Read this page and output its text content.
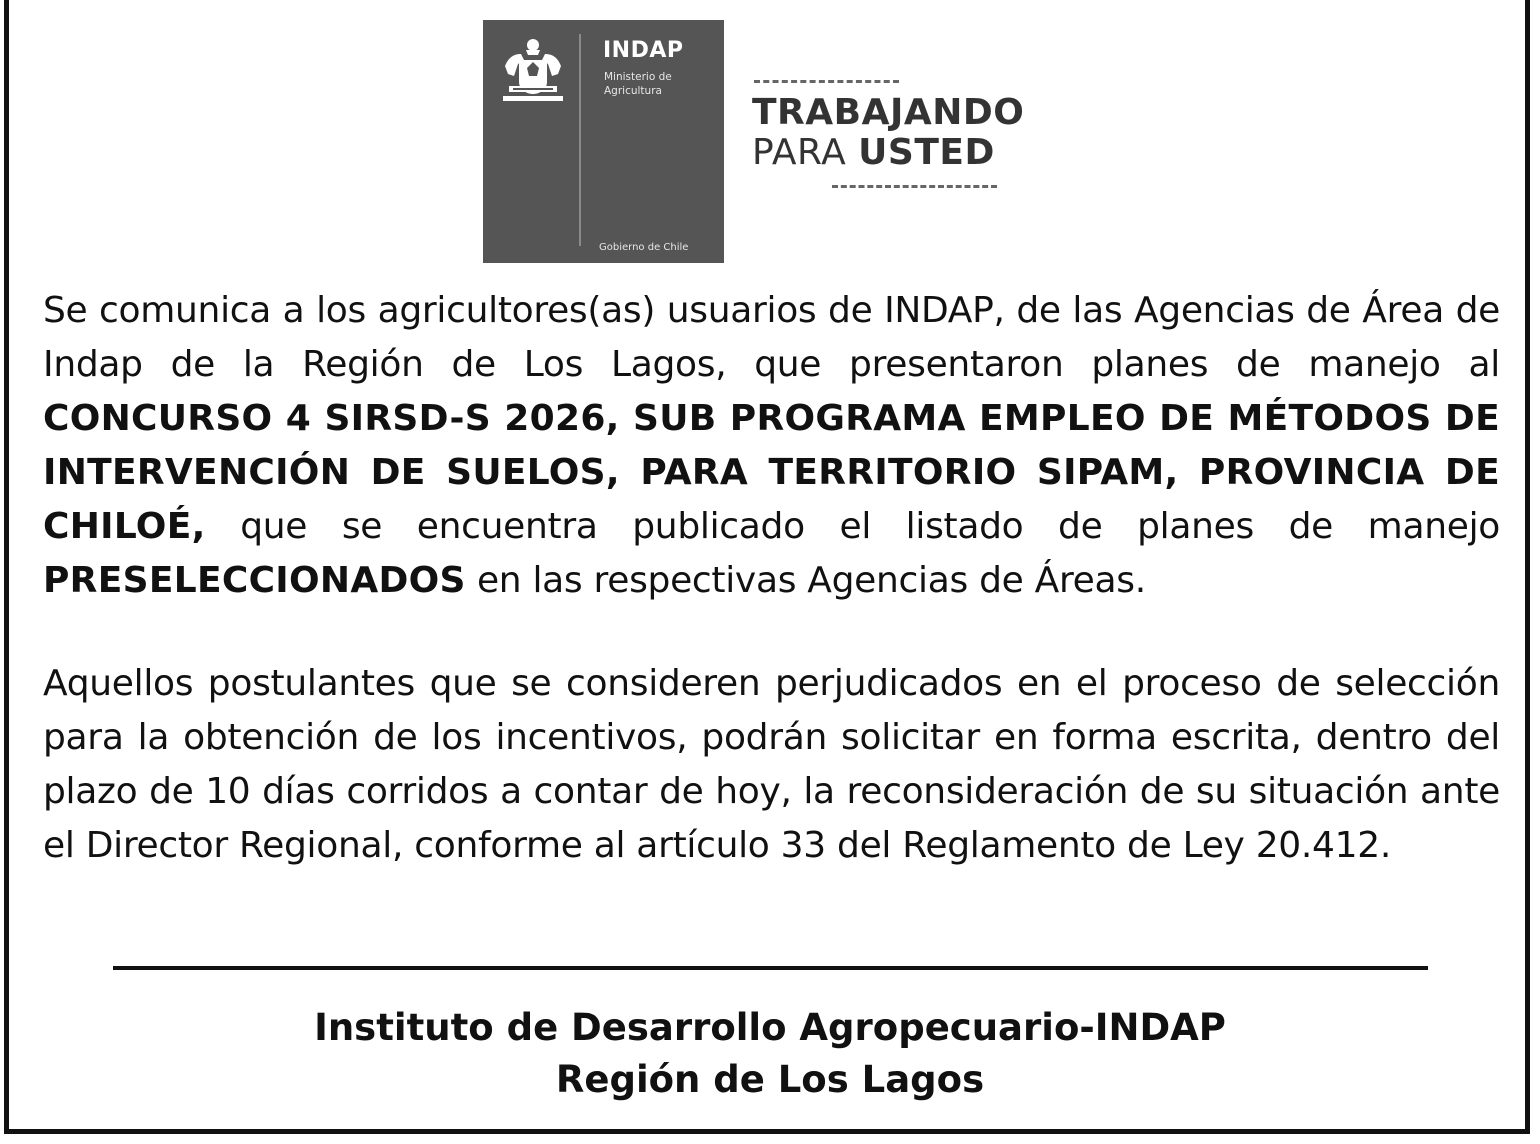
INDAP
Ministerio de Agricultura
Gobierno de Chile
TRABAJANDO
PARA USTED

Se comunica a los agricultores(as) usuarios de INDAP, de las Agencias de Área de Indap de la Región de Los Lagos, que presentaron planes de manejo al CONCURSO 4 SIRSD-S 2026, SUB PROGRAMA EMPLEO DE MÉTODOS DE INTERVENCIÓN DE SUELOS, PARA TERRITORIO SIPAM, PROVINCIA DE CHILOÉ, que se encuentra publicado el listado de planes de manejo PRESELECCIONADOS en las respectivas Agencias de Áreas.

Aquellos postulantes que se consideren perjudicados en el proceso de selección para la obtención de los incentivos, podrán solicitar en forma escrita, dentro del plazo de 10 días corridos a contar de hoy, la reconsideración de su situación ante el Director Regional, conforme al artículo 33 del Reglamento de Ley 20.412.

Instituto de Desarrollo Agropecuario-INDAP
Región de Los Lagos
